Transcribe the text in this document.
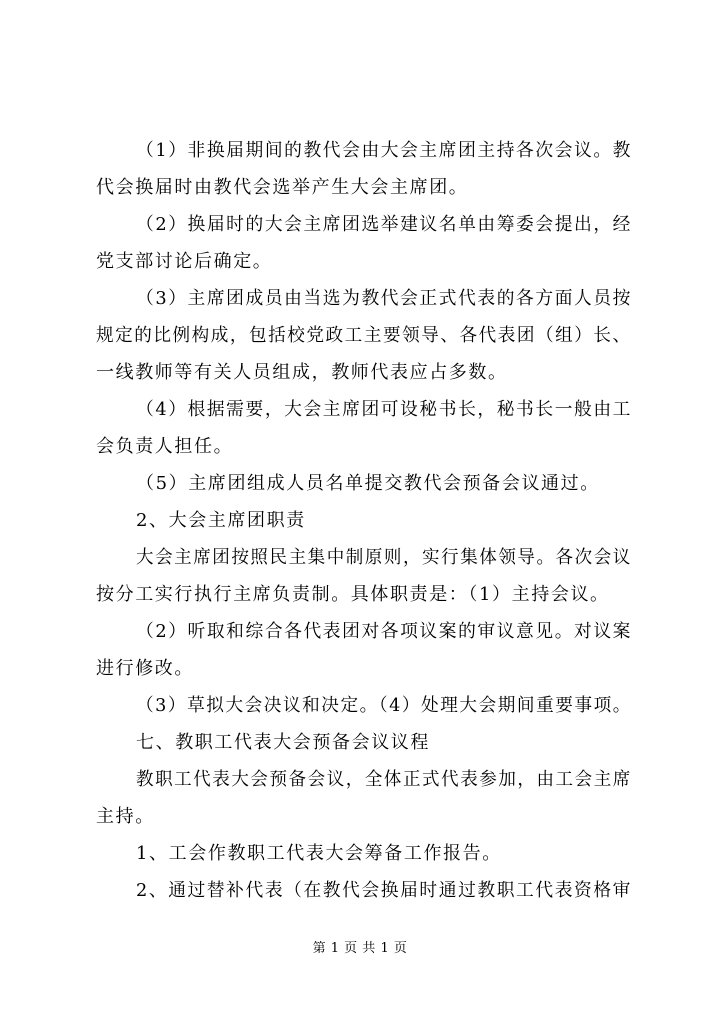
（1）非换届期间的教代会由大会主席团主持各次会议。教
代会换届时由教代会选举产生大会主席团。
（2）换届时的大会主席团选举建议名单由筹委会提出，经
党支部讨论后确定。
（3）主席团成员由当选为教代会正式代表的各方面人员按
规定的比例构成，包括校党政工主要领导、各代表团（组）长、
一线教师等有关人员组成，教师代表应占多数。
（4）根据需要，大会主席团可设秘书长，秘书长一般由工
会负责人担任。
（5）主席团组成人员名单提交教代会预备会议通过。
2、大会主席团职责
大会主席团按照民主集中制原则，实行集体领导。各次会议
按分工实行执行主席负责制。具体职责是：（1）主持会议。
（2）听取和综合各代表团对各项议案的审议意见。对议案
进行修改。
（3）草拟大会决议和决定。（4）处理大会期间重要事项。
七、教职工代表大会预备会议议程
教职工代表大会预备会议，全体正式代表参加，由工会主席
主持。
1、工会作教职工代表大会筹备工作报告。
2、通过替补代表（在教代会换届时通过教职工代表资格审
第 1 页 共 1 页
